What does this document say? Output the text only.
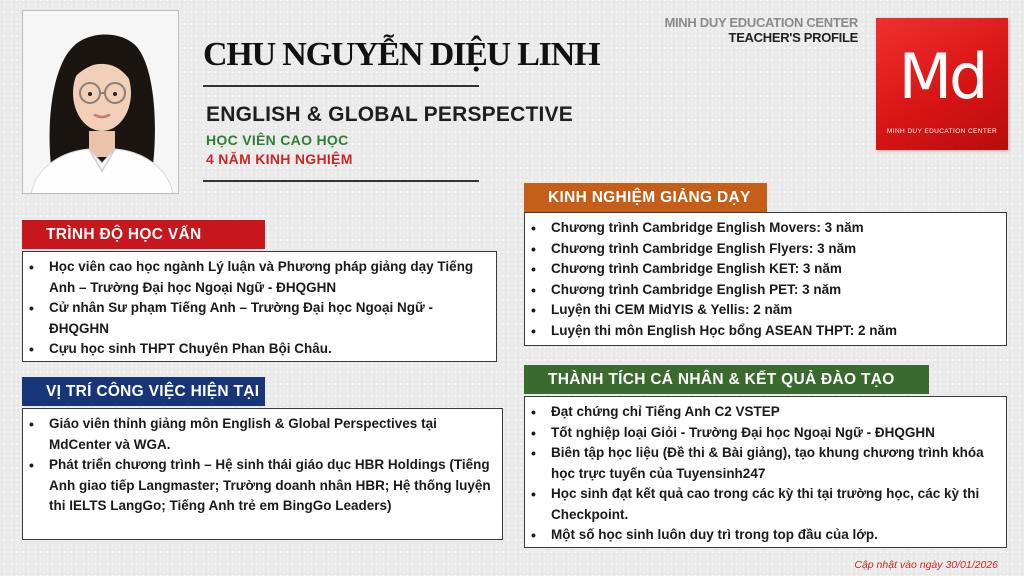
CHU NGUYỄN DIỆU LINH
ENGLISH & GLOBAL PERSPECTIVE
HỌC VIÊN CAO HỌC
4 NĂM KINH NGHIỆM
MINH DUY EDUCATION CENTER
TEACHER'S PROFILE
Md
MINH DUY EDUCATION CENTER
TRÌNH ĐỘ HỌC VẤN
• Học viên cao học ngành Lý luận và Phương pháp giảng dạy Tiếng Anh – Trường Đại học Ngoại Ngữ - ĐHQGHN
• Cử nhân Sư phạm Tiếng Anh – Trường Đại học Ngoại Ngữ - ĐHQGHN
• Cựu học sinh THPT Chuyên Phan Bội Châu.
VỊ TRÍ CÔNG VIỆC HIỆN TẠI
• Giáo viên thỉnh giảng môn English & Global Perspectives tại MdCenter và WGA.
• Phát triển chương trình – Hệ sinh thái giáo dục HBR Holdings (Tiếng Anh giao tiếp Langmaster; Trường doanh nhân HBR; Hệ thống luyện thi IELTS LangGo; Tiếng Anh trẻ em BingGo Leaders)
KINH NGHIỆM GIẢNG DẠY
• Chương trình Cambridge English Movers: 3 năm
• Chương trình Cambridge English Flyers: 3 năm
• Chương trình Cambridge English KET: 3 năm
• Chương trình Cambridge English PET: 3 năm
• Luyện thi CEM MidYIS & Yellis: 2 năm
• Luyện thi môn English Học bổng ASEAN THPT: 2 năm
THÀNH TÍCH CÁ NHÂN & KẾT QUẢ ĐÀO TẠO
• Đạt chứng chỉ Tiếng Anh C2 VSTEP
• Tốt nghiệp loại Giỏi - Trường Đại học Ngoại Ngữ - ĐHQGHN
• Biên tập học liệu (Đề thi & Bài giảng), tạo khung chương trình khóa học trực tuyến của Tuyensinh247
• Học sinh đạt kết quả cao trong các kỳ thi tại trường học, các kỳ thi Checkpoint.
• Một số học sinh luôn duy trì trong top đầu của lớp.
Cập nhật vào ngày 30/01/2026
